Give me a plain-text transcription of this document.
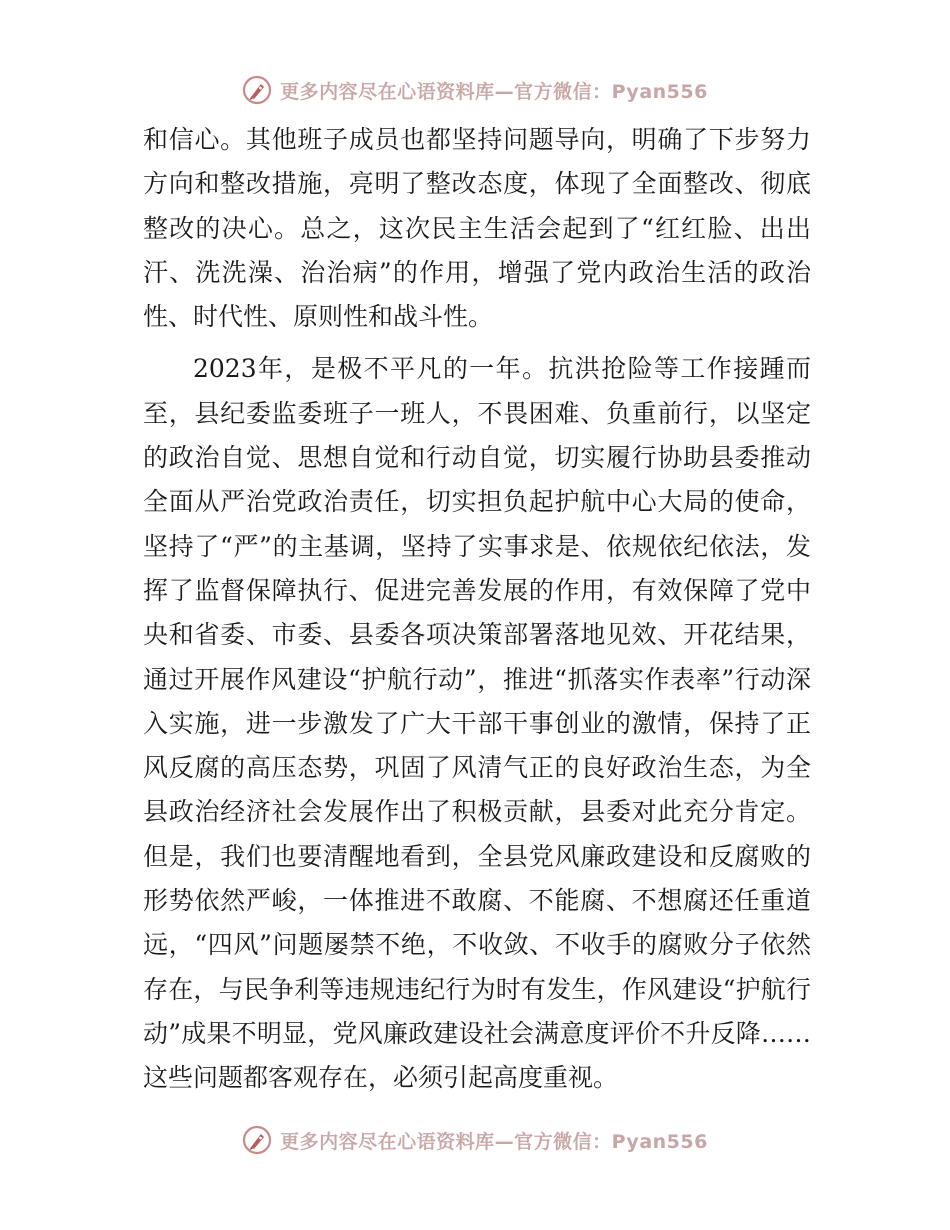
更多内容尽在心语资料库—官方微信：Pyan556

和信心。其他班子成员也都坚持问题导向，明确了下步努力方向和整改措施，亮明了整改态度，体现了全面整改、彻底整改的决心。总之，这次民主生活会起到了“红红脸、出出汗、洗洗澡、治治病”的作用，增强了党内政治生活的政治性、时代性、原则性和战斗性。

2023年，是极不平凡的一年。抗洪抢险等工作接踵而至，县纪委监委班子一班人，不畏困难、负重前行，以坚定的政治自觉、思想自觉和行动自觉，切实履行协助县委推动全面从严治党政治责任，切实担负起护航中心大局的使命，坚持了“严”的主基调，坚持了实事求是、依规依纪依法，发挥了监督保障执行、促进完善发展的作用，有效保障了党中央和省委、市委、县委各项决策部署落地见效、开花结果，通过开展作风建设“护航行动”，推进“抓落实作表率”行动深入实施，进一步激发了广大干部干事创业的激情，保持了正风反腐的高压态势，巩固了风清气正的良好政治生态，为全县政治经济社会发展作出了积极贡献，县委对此充分肯定。但是，我们也要清醒地看到，全县党风廉政建设和反腐败的形势依然严峻，一体推进不敢腐、不能腐、不想腐还任重道远，“四风”问题屡禁不绝，不收敛、不收手的腐败分子依然存在，与民争利等违规违纪行为时有发生，作风建设“护航行动”成果不明显，党风廉政建设社会满意度评价不升反降……这些问题都客观存在，必须引起高度重视。

更多内容尽在心语资料库—官方微信：Pyan556
